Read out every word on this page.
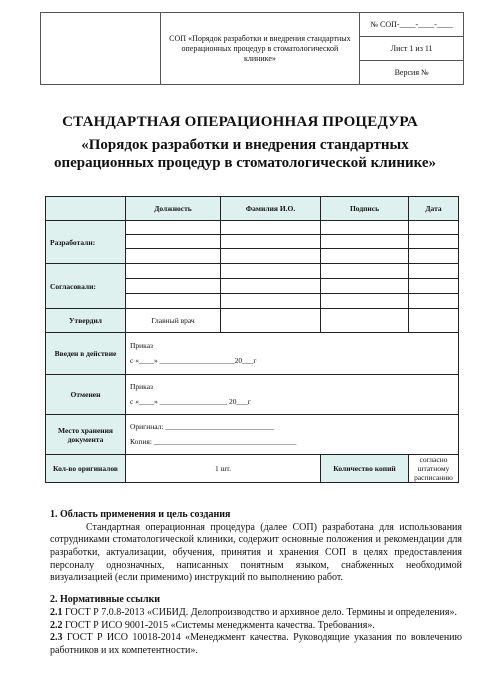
	СОП «Порядок разработки и внедрения стандартных операционных процедур в стоматологической клинике»	№ СОП-____-____-____
Лист 1 из 11
Версия №
СТАНДАРТНАЯ ОПЕРАЦИОННАЯ ПРОЦЕДУРА
«Порядок разработки и внедрения стандартных операционных процедур в стоматологической клинике»
	Должность	Фамилия И.О.	Подпись	Дата
Разработали:				

Согласовали:				

Утвердил	Главный врач			
Введен в действие	Приказ
с «____» ____________________20___г			

Отменен	Приказ
с «____» __________________ 20___г			

Место хранения документа	Оригинал: _____________________________
Копия: ______________________________________			

Кол-во оригиналов	1 шт.		Количество копий	согласно штатному расписанию
1. Область применения и цель создания
Стандартная операционная процедура (далее СОП) разработана для использования сотрудниками стоматологической клиники, содержит основные положения и рекомендации для разработки, актуализации, обучения, принятия и хранения СОП в целях предоставления персоналу однозначных, написанных понятным языком, снабженных необходимой визуализацией (если применимо) инструкций по выполнению работ.
2. Нормативные ссылки
2.1 ГОСТ Р 7.0.8-2013 «СИБИД. Делопроизводство и архивное дело. Термины и определения».
2.2 ГОСТ Р ИСО 9001-2015 «Системы менеджмента качества. Требования».
2.3 ГОСТ Р ИСО 10018-2014 «Менеджмент качества. Руководящие указания по вовлечению работников и их компетентности».
